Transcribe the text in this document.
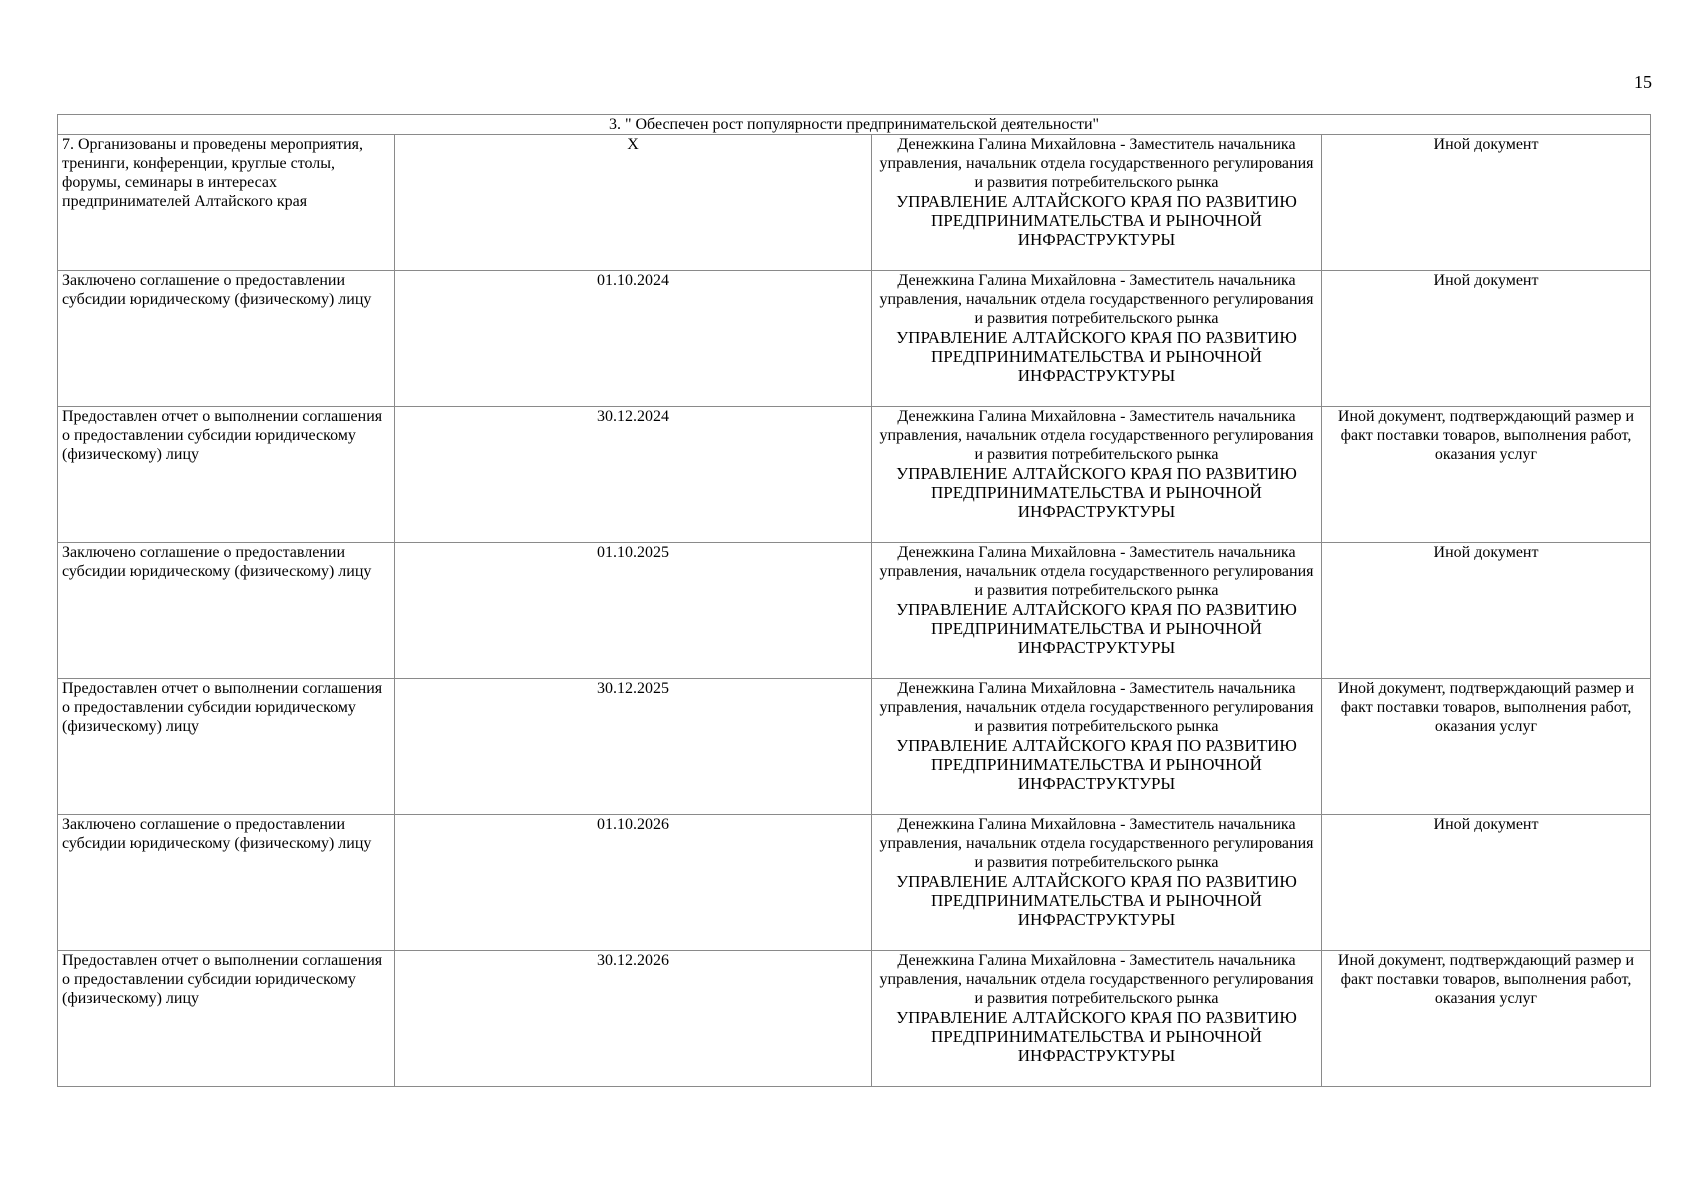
15
3. " Обеспечен рост популярности предпринимательской деятельности"			
7. Организованы и проведены мероприятия, тренинги, конференции, круглые столы, форумы, семинары в интересах предпринимателей Алтайского края	X	Денежкина Галина Михайловна - Заместитель начальника управления, начальник отдела государственного регулирования и развития потребительского рынка
УПРАВЛЕНИЕ АЛТАЙСКОГО КРАЯ ПО РАЗВИТИЮ ПРЕДПРИНИМАТЕЛЬСТВА И РЫНОЧНОЙ ИНФРАСТРУКТУРЫ	Иной документ
Заключено соглашение о предоставлении субсидии юридическому (физическому) лицу	01.10.2024	Денежкина Галина Михайловна - Заместитель начальника управления, начальник отдела государственного регулирования и развития потребительского рынка
УПРАВЛЕНИЕ АЛТАЙСКОГО КРАЯ ПО РАЗВИТИЮ ПРЕДПРИНИМАТЕЛЬСТВА И РЫНОЧНОЙ ИНФРАСТРУКТУРЫ	Иной документ
Предоставлен отчет о выполнении соглашения о предоставлении субсидии юридическому (физическому) лицу	30.12.2024	Денежкина Галина Михайловна - Заместитель начальника управления, начальник отдела государственного регулирования и развития потребительского рынка
УПРАВЛЕНИЕ АЛТАЙСКОГО КРАЯ ПО РАЗВИТИЮ ПРЕДПРИНИМАТЕЛЬСТВА И РЫНОЧНОЙ ИНФРАСТРУКТУРЫ	Иной документ, подтверждающий размер и факт поставки товаров, выполнения работ, оказания услуг
Заключено соглашение о предоставлении субсидии юридическому (физическому) лицу	01.10.2025	Денежкина Галина Михайловна - Заместитель начальника управления, начальник отдела государственного регулирования и развития потребительского рынка
УПРАВЛЕНИЕ АЛТАЙСКОГО КРАЯ ПО РАЗВИТИЮ ПРЕДПРИНИМАТЕЛЬСТВА И РЫНОЧНОЙ ИНФРАСТРУКТУРЫ	Иной документ
Предоставлен отчет о выполнении соглашения о предоставлении субсидии юридическому (физическому) лицу	30.12.2025	Денежкина Галина Михайловна - Заместитель начальника управления, начальник отдела государственного регулирования и развития потребительского рынка
УПРАВЛЕНИЕ АЛТАЙСКОГО КРАЯ ПО РАЗВИТИЮ ПРЕДПРИНИМАТЕЛЬСТВА И РЫНОЧНОЙ ИНФРАСТРУКТУРЫ	Иной документ, подтверждающий размер и факт поставки товаров, выполнения работ, оказания услуг
Заключено соглашение о предоставлении субсидии юридическому (физическому) лицу	01.10.2026	Денежкина Галина Михайловна - Заместитель начальника управления, начальник отдела государственного регулирования и развития потребительского рынка
УПРАВЛЕНИЕ АЛТАЙСКОГО КРАЯ ПО РАЗВИТИЮ ПРЕДПРИНИМАТЕЛЬСТВА И РЫНОЧНОЙ ИНФРАСТРУКТУРЫ	Иной документ
Предоставлен отчет о выполнении соглашения о предоставлении субсидии юридическому (физическому) лицу	30.12.2026	Денежкина Галина Михайловна - Заместитель начальника управления, начальник отдела государственного регулирования и развития потребительского рынка
УПРАВЛЕНИЕ АЛТАЙСКОГО КРАЯ ПО РАЗВИТИЮ ПРЕДПРИНИМАТЕЛЬСТВА И РЫНОЧНОЙ ИНФРАСТРУКТУРЫ	Иной документ, подтверждающий размер и факт поставки товаров, выполнения работ, оказания услуг
